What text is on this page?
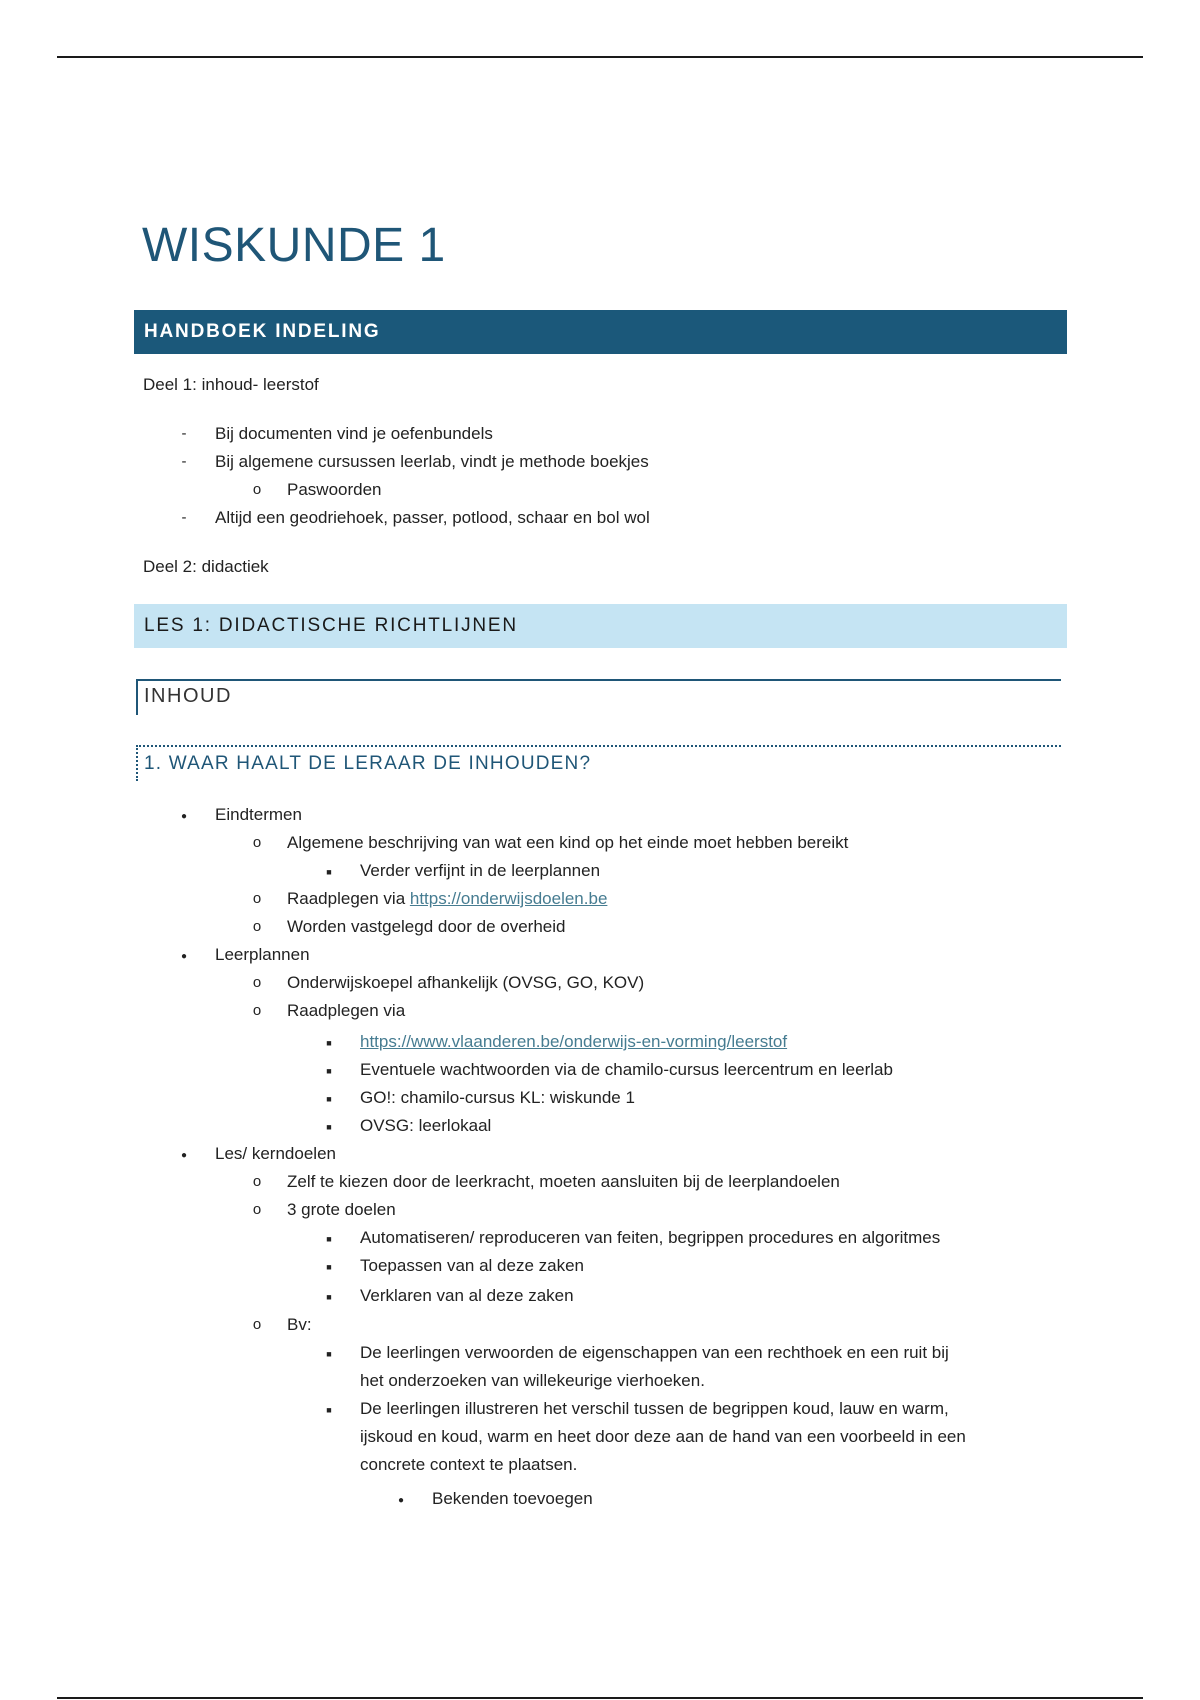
WISKUNDE 1
HANDBOEK INDELING
Deel 1: inhoud- leerstof
- Bij documenten vind je oefenbundels
- Bij algemene cursussen leerlab, vindt je methode boekjes
o
Paswoorden
- Altijd een geodriehoek, passer, potlood, schaar en bol wol
Deel 2: didactiek
LES 1: DIDACTISCHE RICHTLIJNEN
INHOUD
1. WAAR HAALT DE LERAAR DE INHOUDEN?
●
Eindtermen
o
Algemene beschrijving van wat een kind op het einde moet hebben bereikt
■
Verder verfijnt in de leerplannen
o
Raadplegen via https://onderwijsdoelen.be
o
Worden vastgelegd door de overheid
●
Leerplannen
o
Onderwijskoepel afhankelijk (OVSG, GO, KOV)
o
Raadplegen via
■
https://www.vlaanderen.be/onderwijs-en-vorming/leerstof
■
Eventuele wachtwoorden via de chamilo-cursus leercentrum en leerlab
■
GO!: chamilo-cursus KL: wiskunde 1
■
OVSG: leerlokaal
●
Les/ kerndoelen
o
Zelf te kiezen door de leerkracht, moeten aansluiten bij de leerplandoelen
o
3 grote doelen
■
Automatiseren/ reproduceren van feiten, begrippen procedures en algoritmes
■
Toepassen van al deze zaken
■
Verklaren van al deze zaken
o
Bv:
■
De leerlingen verwoorden de eigenschappen van een rechthoek en een ruit bij
het onderzoeken van willekeurige vierhoeken.
■
De leerlingen illustreren het verschil tussen de begrippen koud, lauw en warm,
ijskoud en koud, warm en heet door deze aan de hand van een voorbeeld in een
concrete context te plaatsen.
●
Bekenden toevoegen
